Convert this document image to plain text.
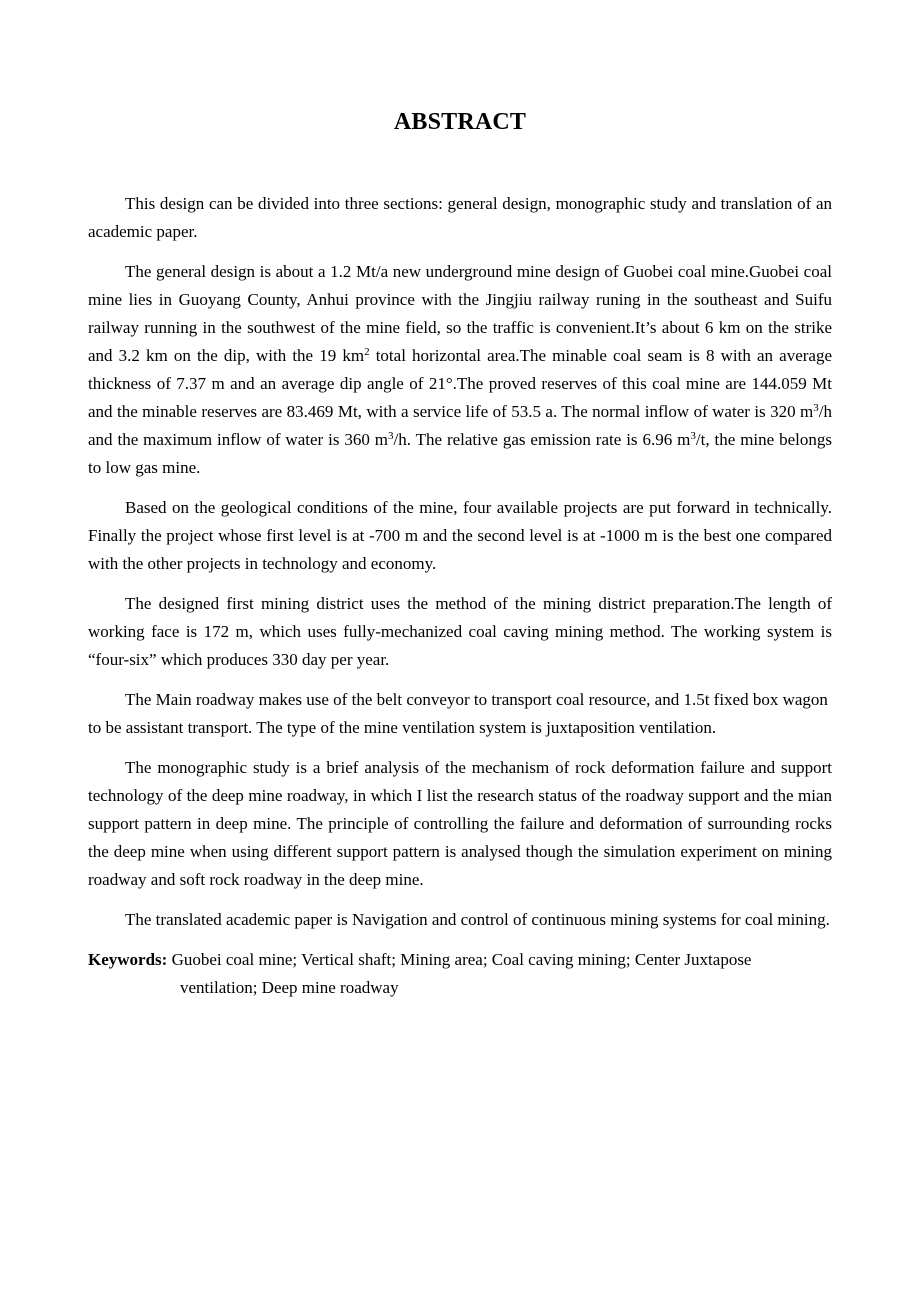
ABSTRACT

This design can be divided into three sections: general design, monographic study and translation of an academic paper.

The general design is about a 1.2 Mt/a new underground mine design of Guobei coal mine.Guobei coal mine lies in Guoyang County, Anhui province with the Jingjiu railway runing in the southeast and Suifu railway running in the southwest of the mine field, so the traffic is convenient.It’s about 6 km on the strike and 3.2 km on the dip, with the 19 $km^2$ total horizontal area.The minable coal seam is 8 with an average thickness of 7.37 m and an average dip angle of 21°.The proved reserves of this coal mine are 144.059 Mt and the minable reserves are 83.469 Mt, with a service life of 53.5 a. The normal inflow of water is 320 $m^3/h$ and the maximum inflow of water is 360 $m^3/h$. The relative gas emission rate is 6.96 $m^3/t$, the mine belongs to low gas mine.

Based on the geological conditions of the mine, four available projects are put forward in technically. Finally the project whose first level is at -700 m and the second level is at -1000 m is the best one compared with the other projects in technology and economy.

The designed first mining district uses the method of the mining district preparation.The length of working face is 172 m, which uses fully-mechanized coal caving mining method. The working system is “four-six” which produces 330 day per year.

The Main roadway makes use of the belt conveyor to transport coal resource, and 1.5t fixed box wagon to be assistant transport. The type of the mine ventilation system is juxtaposition ventilation.

The monographic study is a brief analysis of the mechanism of rock deformation failure and support technology of the deep mine roadway, in which I list the research status of the roadway support and the mian support pattern in deep mine. The principle of controlling the failure and deformation of surrounding rocks the deep mine when using different support pattern is analysed though the simulation experiment on mining roadway and soft rock roadway in the deep mine.

The translated academic paper is Navigation and control of continuous mining systems for coal mining.

Keywords: Guobei coal mine; Vertical shaft; Mining area; Coal caving mining; Center Juxtapose ventilation; Deep mine roadway
